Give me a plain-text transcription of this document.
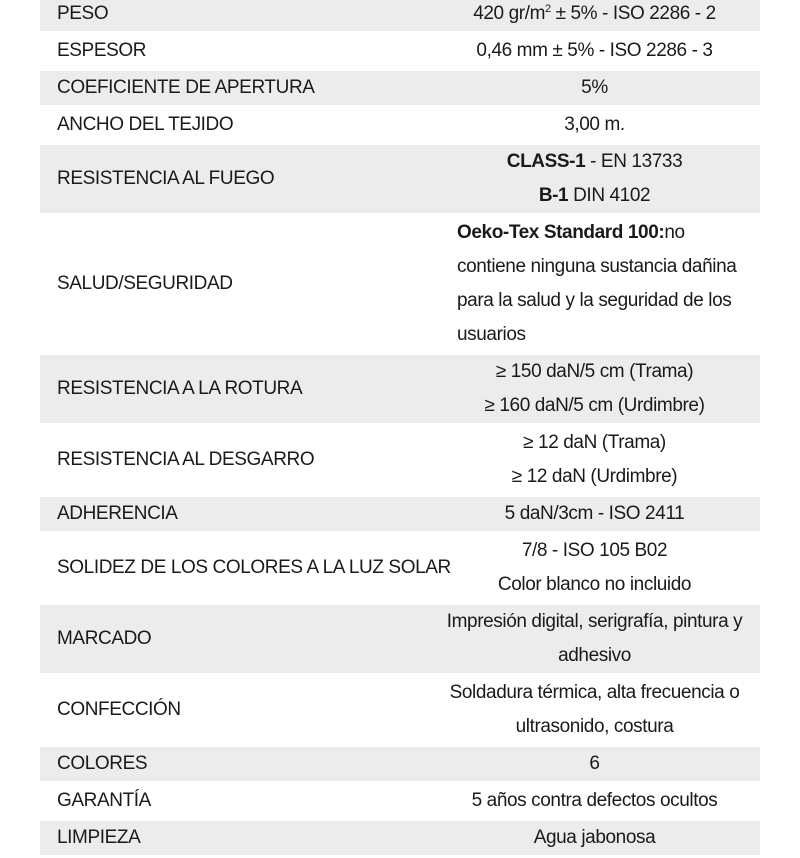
PESO	420 $gr/m^2 \pm 5\%$ - ISO 2286 - 2
ESPESOR	0,46 mm ± 5% - ISO 2286 - 3
COEFICIENTE DE APERTURA	5%
ANCHO DEL TEJIDO	3,00 m.
RESISTENCIA AL FUEGO	CLASS-1 - EN 13733
B-1 DIN 4102

SALUD/SEGURIDAD	Oeko-Tex Standard 100:no contiene ninguna sustancia dañina para la salud y la seguridad de los usuarios

RESISTENCIA A LA ROTURA	≥ 150 daN/5 cm (Trama)
≥ 160 daN/5 cm (Urdimbre)

RESISTENCIA AL DESGARRO	≥ 12 daN (Trama)
≥ 12 daN (Urdimbre)

ADHERENCIA	5 daN/3cm - ISO 2411
SOLIDEZ DE LOS COLORES A LA LUZ SOLAR	7/8 - ISO 105 B02
Color blanco no incluido

MARCADO	Impresión digital, serigrafía, pintura y
adhesivo

CONFECCIÓN	Soldadura térmica, alta frecuencia o
ultrasonido, costura

COLORES	6
GARANTÍA	5 años contra defectos ocultos
LIMPIEZA	Agua jabonosa
